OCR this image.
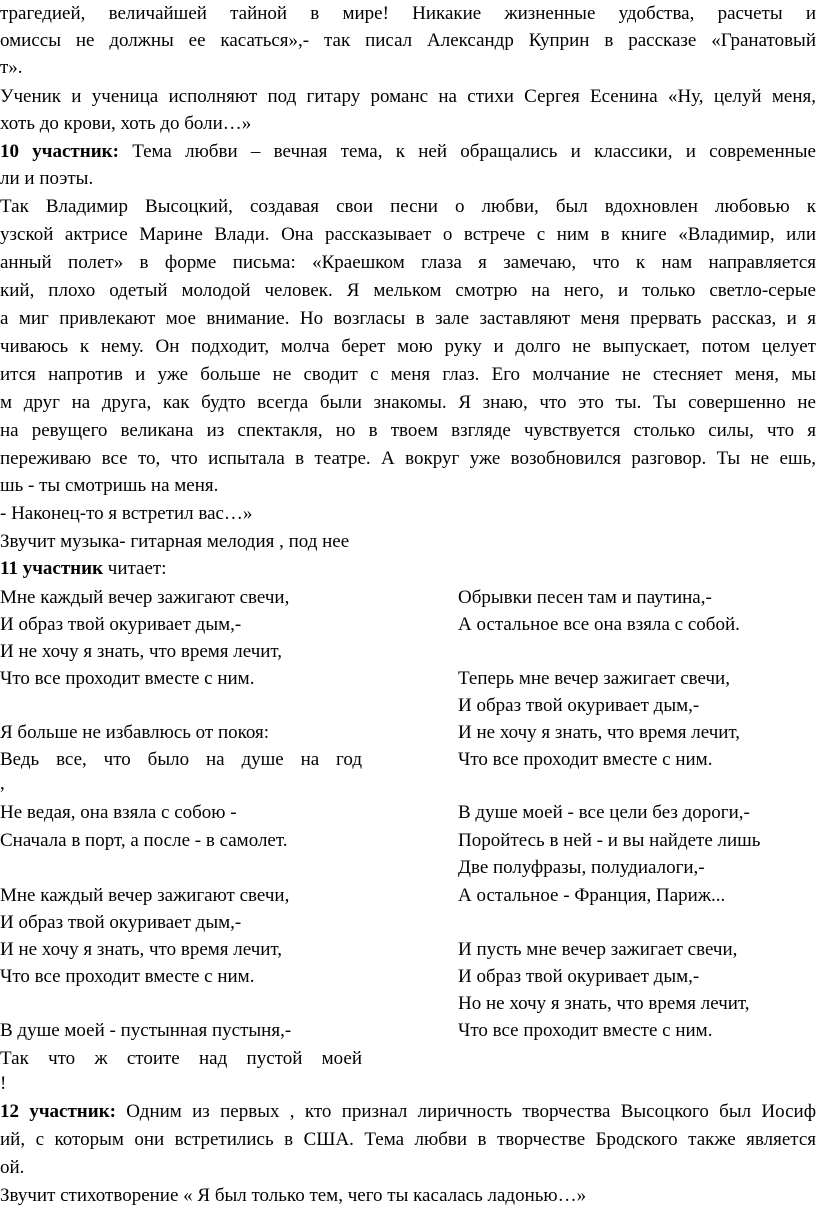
трагедией, величайшей тайной в мире! Никакие жизненные удобства, расчеты и

омиссы не должны ее касаться»,- так писал Александр Куприн в рассказе «Гранатовый

т».

Ученик и ученица исполняют под гитару романс на стихи Сергея Есенина «Ну, целуй меня,

хоть до крови, хоть до боли…»

10 участник: Тема любви – вечная тема, к ней обращались и классики, и современные

ли и поэты.

Так Владимир Высоцкий, создавая свои песни о любви, был вдохновлен любовью к

узской актрисе Марине Влади. Она рассказывает о встрече с ним в книге «Владимир, или

анный полет» в форме письма: «Краешком глаза я замечаю, что к нам направляется

кий, плохо одетый молодой человек. Я мельком смотрю на него, и только светло-серые

а миг привлекают мое внимание. Но возгласы в зале заставляют меня прервать рассказ, и я

чиваюсь к нему. Он подходит, молча берет мою руку и долго не выпускает, потом целует

ится напротив и уже больше не сводит с меня глаз. Его молчание не стесняет меня, мы

м друг на друга, как будто всегда были знакомы. Я знаю, что это ты. Ты совершенно не

на ревущего великана из спектакля, но в твоем взгляде чувствуется столько силы, что я

переживаю все то, что испытала в театре. А вокруг уже возобновился разговор. Ты не ешь,

шь - ты смотришь на меня.

- Наконец-то я встретил вас…»

Звучит музыка- гитарная мелодия , под нее

11 участник читает:

Мне каждый вечер зажигают свечи,

И образ твой окуривает дым,-

И не хочу я знать, что время лечит,

Что все проходит вместе с ним.

Я больше не избавлюсь от покоя:

Ведь все, что было на душе на год

,

Не ведая, она взяла с собою -

Сначала в порт, а после - в самолет.

Мне каждый вечер зажигают свечи,

И образ твой окуривает дым,-

И не хочу я знать, что время лечит,

Что все проходит вместе с ним.

В душе моей - пустынная пустыня,-

Так что ж стоите над пустой моей

!

Обрывки песен там и паутина,-

А остальное все она взяла с собой.

Теперь мне вечер зажигает свечи,

И образ твой окуривает дым,-

И не хочу я знать, что время лечит,

Что все проходит вместе с ним.

В душе моей - все цели без дороги,-

Поройтесь в ней - и вы найдете лишь

Две полуфразы, полудиалоги,-

А остальное - Франция, Париж...

И пусть мне вечер зажигает свечи,

И образ твой окуривает дым,-

Но не хочу я знать, что время лечит,

Что все проходит вместе с ним.

12 участник: Одним из первых , кто признал лиричность творчества Высоцкого был Иосиф

ий, с которым они встретились в США. Тема любви в творчестве Бродского также является

ой.

Звучит стихотворение « Я был только тем, чего ты касалась ладонью…»
